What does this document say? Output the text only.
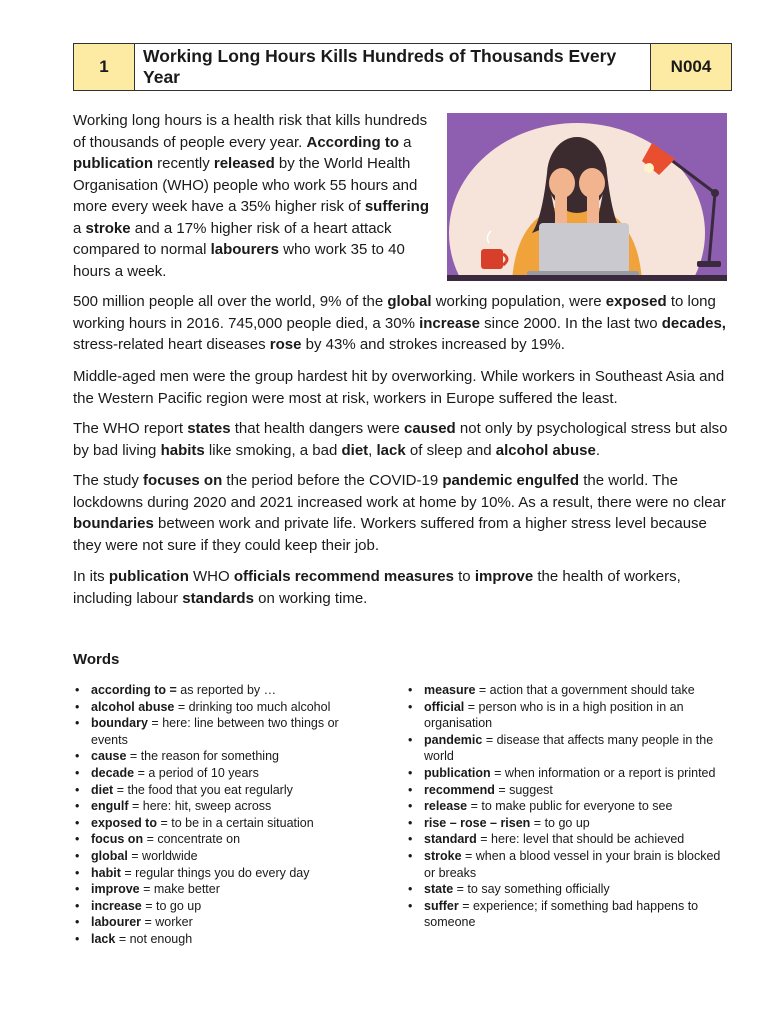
1
Working Long Hours Kills Hundreds of Thousands Every Year
N004

Working long hours is a health risk that kills hundreds of thousands of people every year. According to a publication recently released by the World Health Organisation (WHO) people who work 55 hours and more every week have a 35% higher risk of suffering a stroke and a 17% higher risk of a heart attack compared to normal labourers who work 35 to 40 hours a week.

500 million people all over the world, 9% of the global working population, were exposed to long working hours in 2016. 745,000 people died, a 30% increase since 2000. In the last two decades, stress-related heart diseases rose by 43% and strokes increased by 19%.

Middle-aged men were the group hardest hit by overworking. While workers in Southeast Asia and the Western Pacific region were most at risk, workers in Europe suffered the least.

The WHO report states that health dangers were caused not only by psychological stress but also by bad living habits like smoking, a bad diet, lack of sleep and alcohol abuse.

The study focuses on the period before the COVID-19 pandemic engulfed the world. The lockdowns during 2020 and 2021 increased work at home by 10%. As a result, there were no clear boundaries between work and private life. Workers suffered from a higher stress level because they were not sure if they could keep their job.

In its publication WHO officials recommend measures to improve the health of workers, including labour standards on working time.

Words
• according to = as reported by …
• alcohol abuse = drinking too much alcohol
• boundary = here: line between two things or events
• cause = the reason for something
• decade = a period of 10 years
• diet = the food that you eat regularly
• engulf = here: hit, sweep across
• exposed to = to be in a certain situation
• focus on = concentrate on
• global = worldwide
• habit = regular things you do every day
• improve = make better
• increase = to go up
• labourer = worker
• lack = not enough
• measure = action that a government should take
• official = person who is in a high position in an organisation
• pandemic = disease that affects many people in the world
• publication = when information or a report is printed
• recommend = suggest
• release = to make public for everyone to see
• rise – rose – risen = to go up
• standard = here: level that should be achieved
• stroke = when a blood vessel in your brain is blocked or breaks
• state = to say something officially
• suffer = experience; if something bad happens to someone
